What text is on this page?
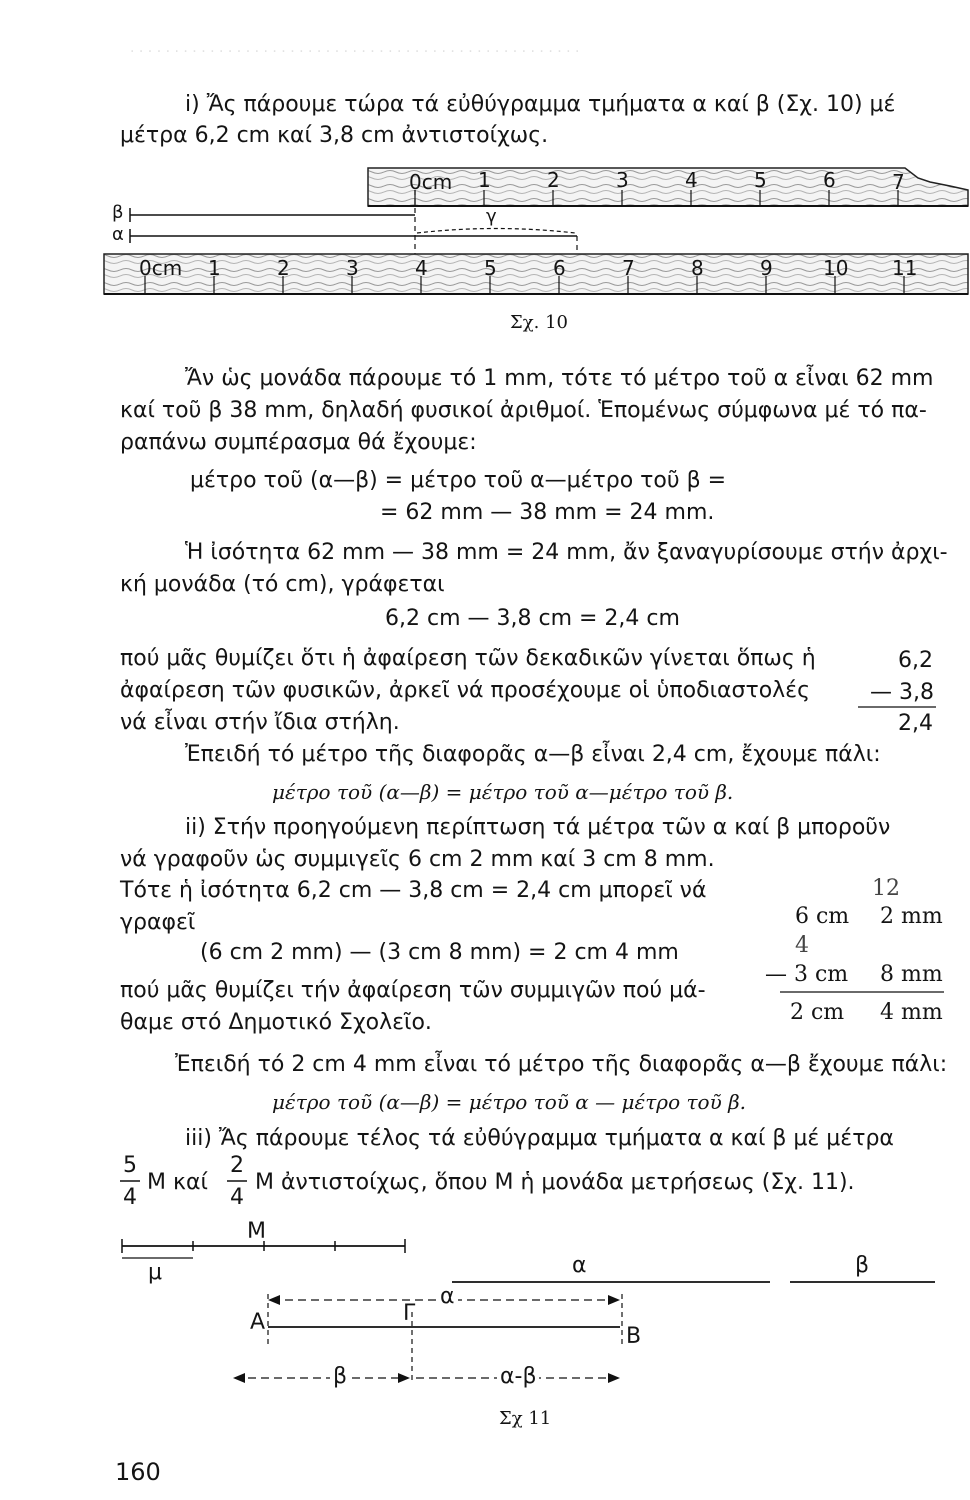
· · · · · · · · · · · · · · · · · · · · · · · · · · · · · · · · · · · · · · · · · · · · · · · · · · ·
i) Ἄς πάρουμε τώρα τά εὐθύγραμμα τμήματα α καί β (Σχ. 10) μέ
μέτρα 6,2 cm καί 3,8 cm ἀντιστοίχως.
β
α
γ
0cm 1	2	3	4	5	6	7
0cm 1	2	3	4	5	6	7	8	9	10 11
Σχ. 10
Ἄν ὡς μονάδα πάρουμε τό 1 mm, τότε τό μέτρο τοῦ α εἶναι 62 mm
καί τοῦ β 38 mm, δηλαδή φυσικοί ἀριθμοί. Ἑπομένως σύμφωνα μέ τό πα-
ραπάνω συμπέρασμα θά ἔχουμε:
μέτρο τοῦ (α—β) = μέτρο τοῦ α—μέτρο τοῦ β =
= 62 mm — 38 mm = 24 mm.
Ἡ ἰσότητα 62 mm — 38 mm = 24 mm, ἄν ξαναγυρίσουμε στήν ἀρχι-
κή μονάδα (τό cm), γράφεται
6,2 cm — 3,8 cm = 2,4 cm
πού μᾶς θυμίζει ὅτι ἡ ἀφαίρεση τῶν δεκαδικῶν γίνεται ὅπως ἡ
ἀφαίρεση τῶν φυσικῶν, ἀρκεῖ νά προσέχουμε οἱ ὑποδιαστολές
νά εἶναι στήν ἴδια στήλη.
6,2
— 3,8
2,4
Ἐπειδή τό μέτρο τῆς διαφορᾶς α—β εἶναι 2,4 cm, ἔχουμε πάλι:
μέτρο τοῦ (α—β) = μέτρο τοῦ α—μέτρο τοῦ β.
ii) Στήν προηγούμενη περίπτωση τά μέτρα τῶν α καί β μποροῦν
νά γραφοῦν ὡς συμμιγεῖς 6 cm 2 mm καί 3 cm 8 mm.
Τότε ἡ ἰσότητα 6,2 cm — 3,8 cm = 2,4 cm μπορεῖ νά
γραφεῖ
(6 cm 2 mm) — (3 cm 8 mm) = 2 cm 4 mm
πού μᾶς θυμίζει τήν ἀφαίρεση τῶν συμμιγῶν πού μά-
θαμε στό Δημοτικό Σχολεῖο.
12
6 cm 2 mm
4
— 3 cm 8 mm
2 cm 4 mm
Ἐπειδή τό 2 cm 4 mm εἶναι τό μέτρο τῆς διαφορᾶς α—β ἔχουμε πάλι:
μέτρο τοῦ (α—β) = μέτρο τοῦ α — μέτρο τοῦ β.
iii) Ἄς πάρουμε τέλος τά εὐθύγραμμα τμήματα α καί β μέ μέτρα
5
4
Μ καί
2
4
Μ ἀντιστοίχως, ὅπου Μ ἡ μονάδα μετρήσεως (Σχ. 11).
Μ
μ	α	β
Α	Γ
Β
α
β	α-β
Σχ 11
160
